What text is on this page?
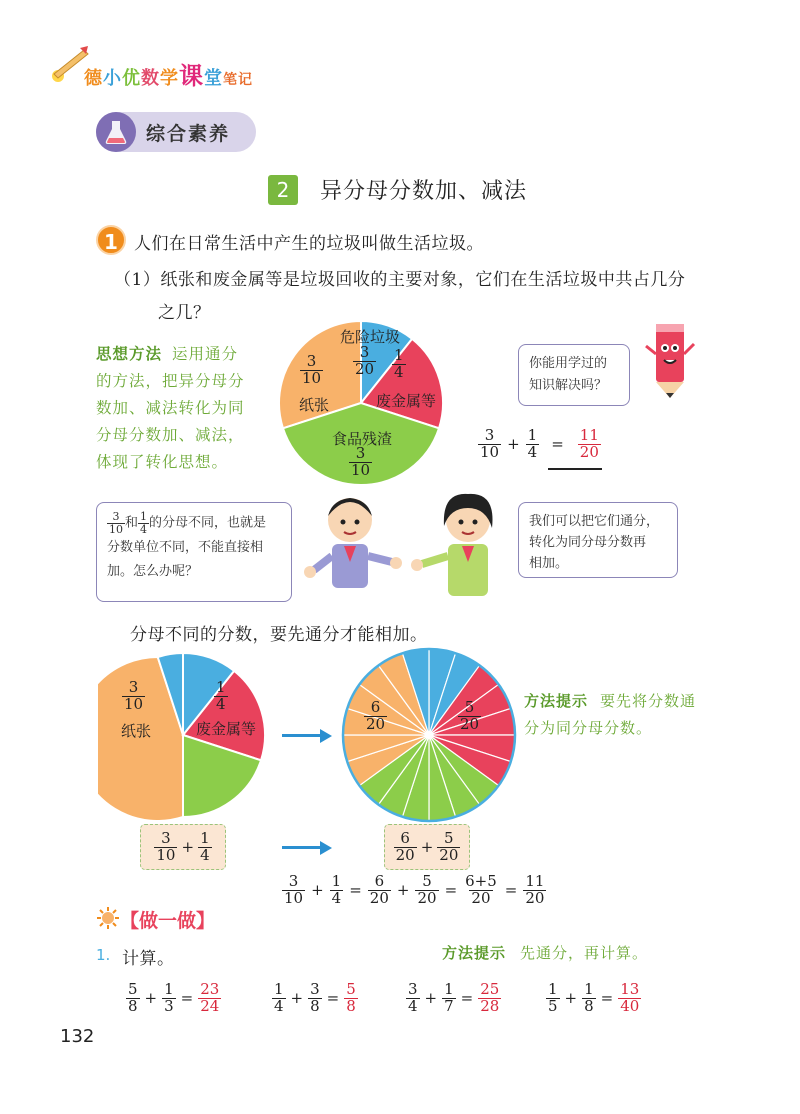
德小优数学课堂笔记
综合素养
2	异分母分数加、减法
1 人们在日常生活中产生的垃圾叫做生活垃圾。
（1）纸张和废金属等是垃圾回收的主要对象，它们在生活垃圾中共占几分
之几？
思想方法 运用通分
的方法，把异分母分
数加、减法转化为同
分母分数加、减法，
体现了转化思想。
危险垃圾
$\frac{3}{20} \frac{1}{4}$
废金属等
$\frac{3}{10}$
纸张
食品残渣
$\frac{3}{10}$
你能用学过的
知识解决吗？
$\frac{3}{10} + \frac{1}{4} = \frac{11}{20}$
$\frac{3}{10}$ 和 $\frac{1}{4}$ 的分母不同，也就是
分数单位不同，不能直接相
加。怎么办呢？
我们可以把它们通分，
转化为同分母分数再
相加。
分母不同的分数，要先通分才能相加。
$\frac{3}{10}$
纸张
$\frac{1}{4}$
废金属等	$\frac{6}{20}$	$\frac{5}{20}$	方法提示 要先将分数通
分为同分母分数。
$\frac{3}{10} + \frac{1}{4}$	$\frac{6}{20} + \frac{5}{20}$
$\frac{3}{10} + \frac{1}{4} = \frac{6}{20} + \frac{5}{20} = \frac{6+5}{20} = \frac{11}{20}$
【做一做】
1. 计算。	方法提示 先通分，再计算。
$\frac{5}{8} + \frac{1}{3} = \frac{23}{24}$	$\frac{1}{4} + \frac{3}{8} = \frac{5}{8}$	$\frac{3}{4} + \frac{1}{7} = \frac{25}{28}$	$\frac{1}{5} + \frac{1}{8} = \frac{13}{40}$
132
